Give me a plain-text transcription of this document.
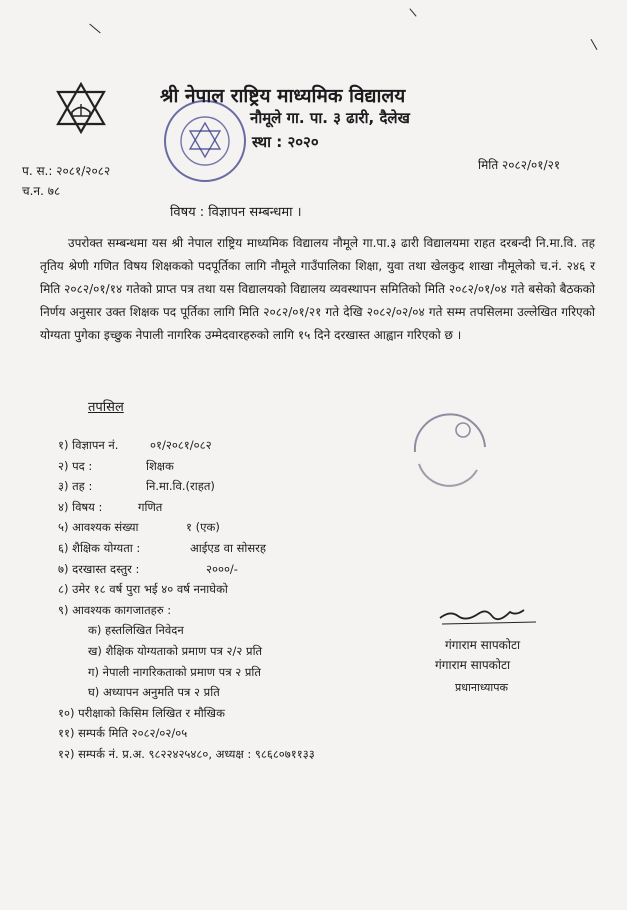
श्री नेपाल राष्ट्रिय माध्यमिक विद्यालय
नौमूले गा. पा. ३ ढारी, दैलेख
स्था : २०२०
प. स.: २०८१/२०८२
च.न. ७८
मिति २०८२/०१/२१
विषय : विज्ञापन सम्बन्धमा ।
उपरोक्त सम्बन्धमा यस श्री नेपाल राष्ट्रिय माध्यमिक विद्यालय नौमूले गा.पा.३ ढारी विद्यालयमा राहत दरबन्दी नि.मा.वि. तह तृतिय श्रेणी गणित विषय शिक्षकको पदपूर्तिका लागि नौमूले गाउँपालिका शिक्षा, युवा तथा खेलकुद शाखा नौमूलेको च.नं. २४६ र मिति २०८२/०१/१४ गतेको प्राप्त पत्र तथा यस विद्यालयको विद्यालय व्यवस्थापन समितिको मिति २०८२/०१/०४ गते बसेको बैठकको निर्णय अनुसार उक्त शिक्षक पद पूर्तिका लागि मिति २०८२/०१/२१ गते देखि २०८२/०२/०४ गते सम्म तपसिलमा उल्लेखित गरिएको योग्यता पुगेका इच्छुक नेपाली नागरिक उम्मेदवारहरुको लागि १५ दिने दरखास्त आह्वान गरिएको छ ।
तपसिल
१) विज्ञापन नं.	०१/२०८१/०८२
२) पद :	शिक्षक
३) तह :	नि.मा.वि.(राहत)
४) विषय :	गणित
५) आवश्यक संख्या	१ (एक)
६) शैक्षिक योग्यता :	आईएड वा सोसरह
७) दरखास्त दस्तुर :	२०००/-
८) उमेर १८ वर्ष पुरा भई ४० वर्ष ननाघेको
९) आवश्यक कागजातहरु :
क) हस्तलिखित निवेदन
ख) शैक्षिक योग्यताको प्रमाण पत्र २/२ प्रति
ग) नेपाली नागरिकताको प्रमाण पत्र २ प्रति
घ) अध्यापन अनुमति पत्र २ प्रति
१०) परीक्षाको किसिम लिखित र मौखिक
११) सम्पर्क मिति २०८२/०२/०५
१२) सम्पर्क नं. प्र.अ. ९८२२४२५४८०, अध्यक्ष : ९८६८०७११३३
गंगाराम सापकोटा
गंगाराम सापकोटा
प्रधानाध्यापक
